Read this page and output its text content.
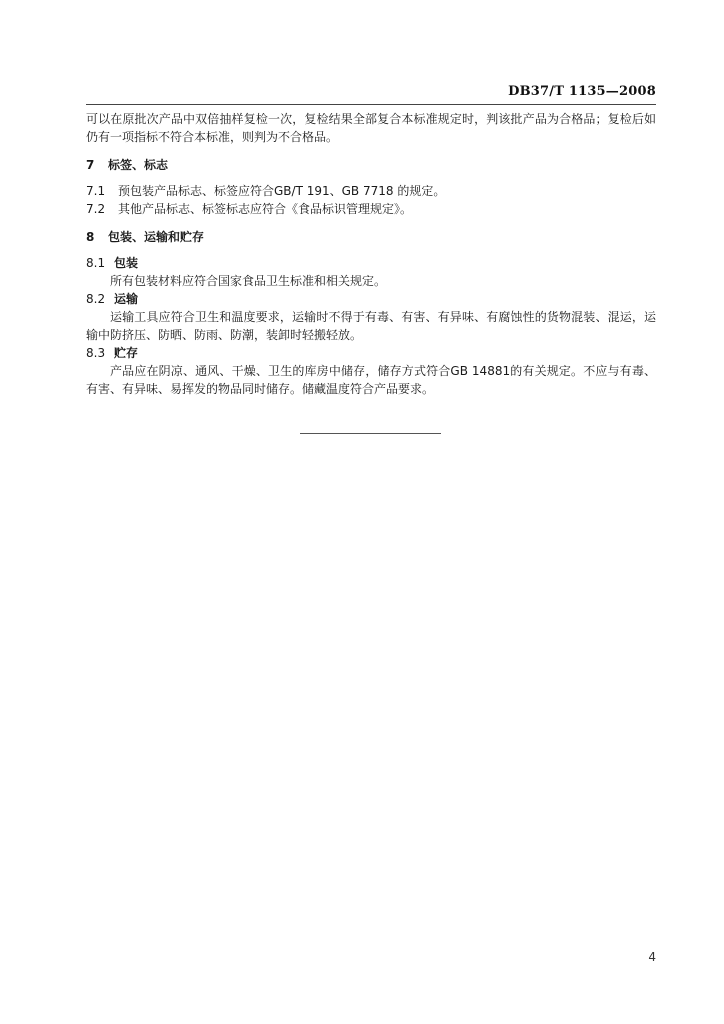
DB37/T 1135—2008

可以在原批次产品中双倍抽样复检一次，复检结果全部复合本标准规定时，判该批产品为合格品；复检后如仍有一项指标不符合本标准，则判为不合格品。

7 标签、标志

7.1 预包装产品标志、标签应符合GB/T 191、GB 7718 的规定。

7.2 其他产品标志、标签标志应符合《食品标识管理规定》。

8 包装、运输和贮存

8.1 包装

所有包装材料应符合国家食品卫生标准和相关规定。

8.2 运输

运输工具应符合卫生和温度要求，运输时不得于有毒、有害、有异味、有腐蚀性的货物混装、混运，运输中防挤压、防晒、防雨、防潮，装卸时轻搬轻放。

8.3 贮存

产品应在阴凉、通风、干燥、卫生的库房中储存，储存方式符合GB 14881的有关规定。不应与有毒、有害、有异味、易挥发的物品同时储存。储藏温度符合产品要求。

4
